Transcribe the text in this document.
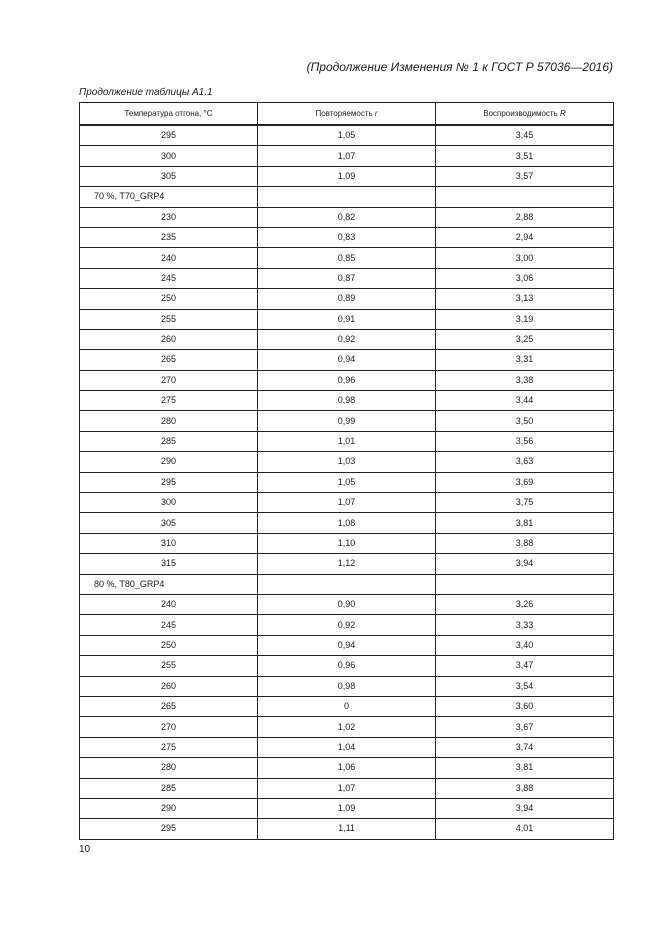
(Продолжение Изменения № 1 к ГОСТ Р 57036—2016)
Продолжение таблицы А1.1
Температура отгона, °C	Повторяемость r	Воспроизводимость R
295	1,05	3,45
300	1,07	3,51
305	1,09	3,57
70 %, T70_GRP4		
230	0,82	2,88
235	0,83	2,94
240	0,85	3,00
245	0,87	3,06
250	0,89	3,13
255	0,91	3,19
260	0,92	3,25
265	0,94	3,31
270	0,96	3,38
275	0,98	3,44
280	0,99	3,50
285	1,01	3,56
290	1,03	3,63
295	1,05	3,69
300	1,07	3,75
305	1,08	3,81
310	1,10	3,88
315	1,12	3,94
80 %, T80_GRP4		
240	0,90	3,26
245	0,92	3,33
250	0,94	3,40
255	0,96	3,47
260	0,98	3,54
265	0	3,60
270	1,02	3,67
275	1,04	3,74
280	1,06	3,81
285	1,07	3,88
290	1,09	3,94
295	1,11	4,01
10
